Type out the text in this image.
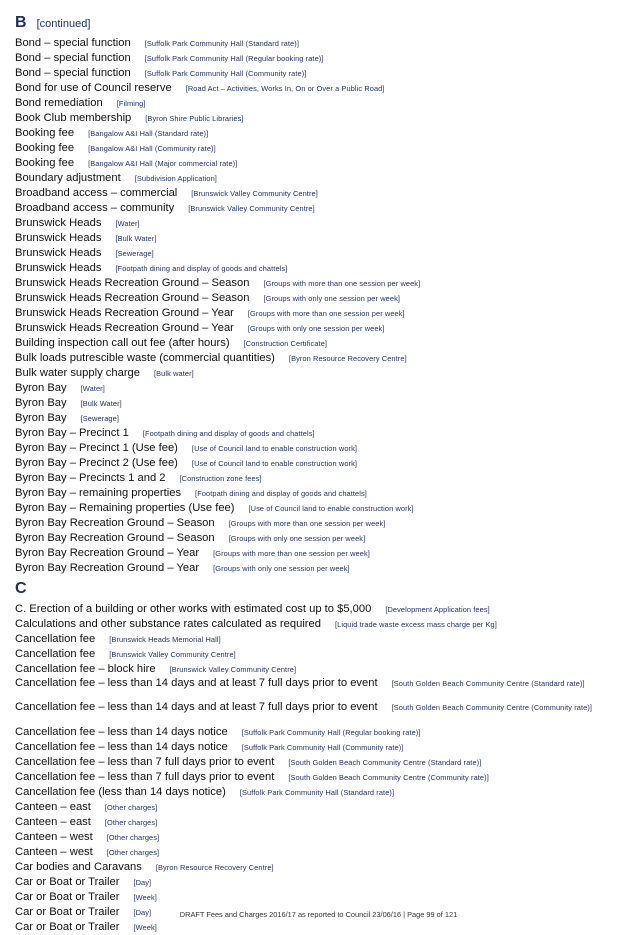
B [continued]
Bond – special function [Suffolk Park Community Hall (Standard rate)]
Bond – special function [Suffolk Park Community Hall (Regular booking rate)]
Bond – special function [Suffolk Park Community Hall (Community rate)]
Bond for use of Council reserve [Road Act – Activities, Works In, On or Over a Public Road]
Bond remediation [Filming]
Book Club membership [Byron Shire Public Libraries]
Booking fee [Bangalow A&I Hall (Standard rate)]
Booking fee [Bangalow A&I Hall (Community rate)]
Booking fee [Bangalow A&I Hall (Major commercial rate)]
Boundary adjustment [Subdivision Application]
Broadband access – commercial [Brunswick Valley Community Centre]
Broadband access – community [Brunswick Valley Community Centre]
Brunswick Heads [Water]
Brunswick Heads [Bulk Water]
Brunswick Heads [Sewerage]
Brunswick Heads [Footpath dining and display of goods and chattels]
Brunswick Heads Recreation Ground – Season [Groups with more than one session per week]
Brunswick Heads Recreation Ground – Season [Groups with only one session per week]
Brunswick Heads Recreation Ground – Year [Groups with more than one session per week]
Brunswick Heads Recreation Ground – Year [Groups with only one session per week]
Building inspection call out fee (after hours) [Construction Certificate]
Bulk loads putrescible waste (commercial quantities) [Byron Resource Recovery Centre]
Bulk water supply charge [Bulk water]
Byron Bay [Water]
Byron Bay [Bulk Water]
Byron Bay [Sewerage]
Byron Bay – Precinct 1 [Footpath dining and display of goods and chattels]
Byron Bay – Precinct 1 (Use fee) [Use of Council land to enable construction work]
Byron Bay – Precinct 2 (Use fee) [Use of Council land to enable construction work]
Byron Bay – Precincts 1 and 2 [Construction zone fees]
Byron Bay – remaining properties [Footpath dining and display of goods and chattels]
Byron Bay – Remaining properties (Use fee) [Use of Council land to enable construction work]
Byron Bay Recreation Ground – Season [Groups with more than one session per week]
Byron Bay Recreation Ground – Season [Groups with only one session per week]
Byron Bay Recreation Ground – Year [Groups with more than one session per week]
Byron Bay Recreation Ground – Year [Groups with only one session per week]
C
C. Erection of a building or other works with estimated cost up to $5,000 [Development Application fees]
Calculations and other substance rates calculated as required [Liquid trade waste excess mass charge per Kg]
Cancellation fee [Brunswick Heads Memorial Hall]
Cancellation fee [Brunswick Valley Community Centre]
Cancellation fee – block hire [Brunswick Valley Community Centre]
Cancellation fee – less than 14 days and at least 7 full days prior to event [South Golden Beach Community Centre (Standard rate)]
Cancellation fee – less than 14 days and at least 7 full days prior to event [South Golden Beach Community Centre (Community rate)]
Cancellation fee – less than 14 days notice [Suffolk Park Community Hall (Regular booking rate)]
Cancellation fee – less than 14 days notice [Suffolk Park Community Hall (Community rate)]
Cancellation fee – less than 7 full days prior to event [South Golden Beach Community Centre (Standard rate)]
Cancellation fee – less than 7 full days prior to event [South Golden Beach Community Centre (Community rate)]
Cancellation fee (less than 14 days notice) [Suffolk Park Community Hall (Standard rate)]
Canteen – east [Other charges]
Canteen – east [Other charges]
Canteen – west [Other charges]
Canteen – west [Other charges]
Car bodies and Caravans [Byron Resource Recovery Centre]
Car or Boat or Trailer [Day]
Car or Boat or Trailer [Week]
Car or Boat or Trailer [Day]
Car or Boat or Trailer [Week]
DRAFT Fees and Charges 2016/17 as reported to Council 23/06/16 | Page 99 of 121
